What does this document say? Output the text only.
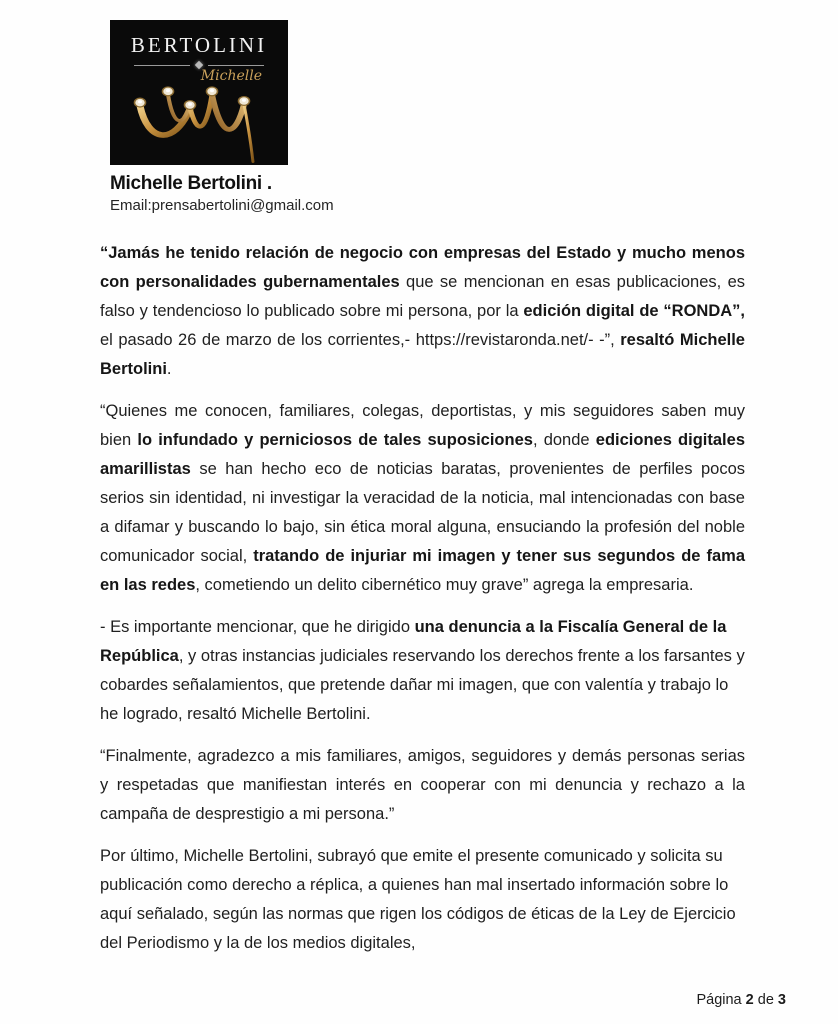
BERTOLINI
Michelle
Michelle Bertolini .
Email:prensabertolini@gmail.com

“Jamás he tenido relación de negocio con empresas del Estado y mucho menos con personalidades gubernamentales que se mencionan en esas publicaciones, es falso y tendencioso lo publicado sobre mi persona, por la edición digital de “RONDA”, el pasado 26 de marzo de los corrientes,- https://revistaronda.net/- -”, resaltó Michelle Bertolini.

“Quienes me conocen, familiares, colegas, deportistas, y mis seguidores saben muy bien lo infundado y perniciosos de tales suposiciones, donde ediciones digitales amarillistas se han hecho eco de noticias baratas, provenientes de perfiles pocos serios sin identidad, ni investigar la veracidad de la noticia, mal intencionadas con base a difamar y buscando lo bajo, sin ética moral alguna, ensuciando la profesión del noble comunicador social, tratando de injuriar mi imagen y tener sus segundos de fama en las redes, cometiendo un delito cibernético muy grave” agrega la empresaria.

- Es importante mencionar, que he dirigido una denuncia a la Fiscalía General de la República, y otras instancias judiciales reservando los derechos frente a los farsantes y cobardes señalamientos, que pretende dañar mi imagen, que con valentía y trabajo lo he logrado, resaltó Michelle Bertolini.

“Finalmente, agradezco a mis familiares, amigos, seguidores y demás personas serias y respetadas que manifiestan interés en cooperar con mi denuncia y rechazo a la campaña de desprestigio a mi persona.”

Por último, Michelle Bertolini, subrayó que emite el presente comunicado y solicita su publicación como derecho a réplica, a quienes han mal insertado información sobre lo aquí señalado, según las normas que rigen los códigos de éticas de la Ley de Ejercicio del Periodismo y la de los medios digitales,

Página 2 de 3
